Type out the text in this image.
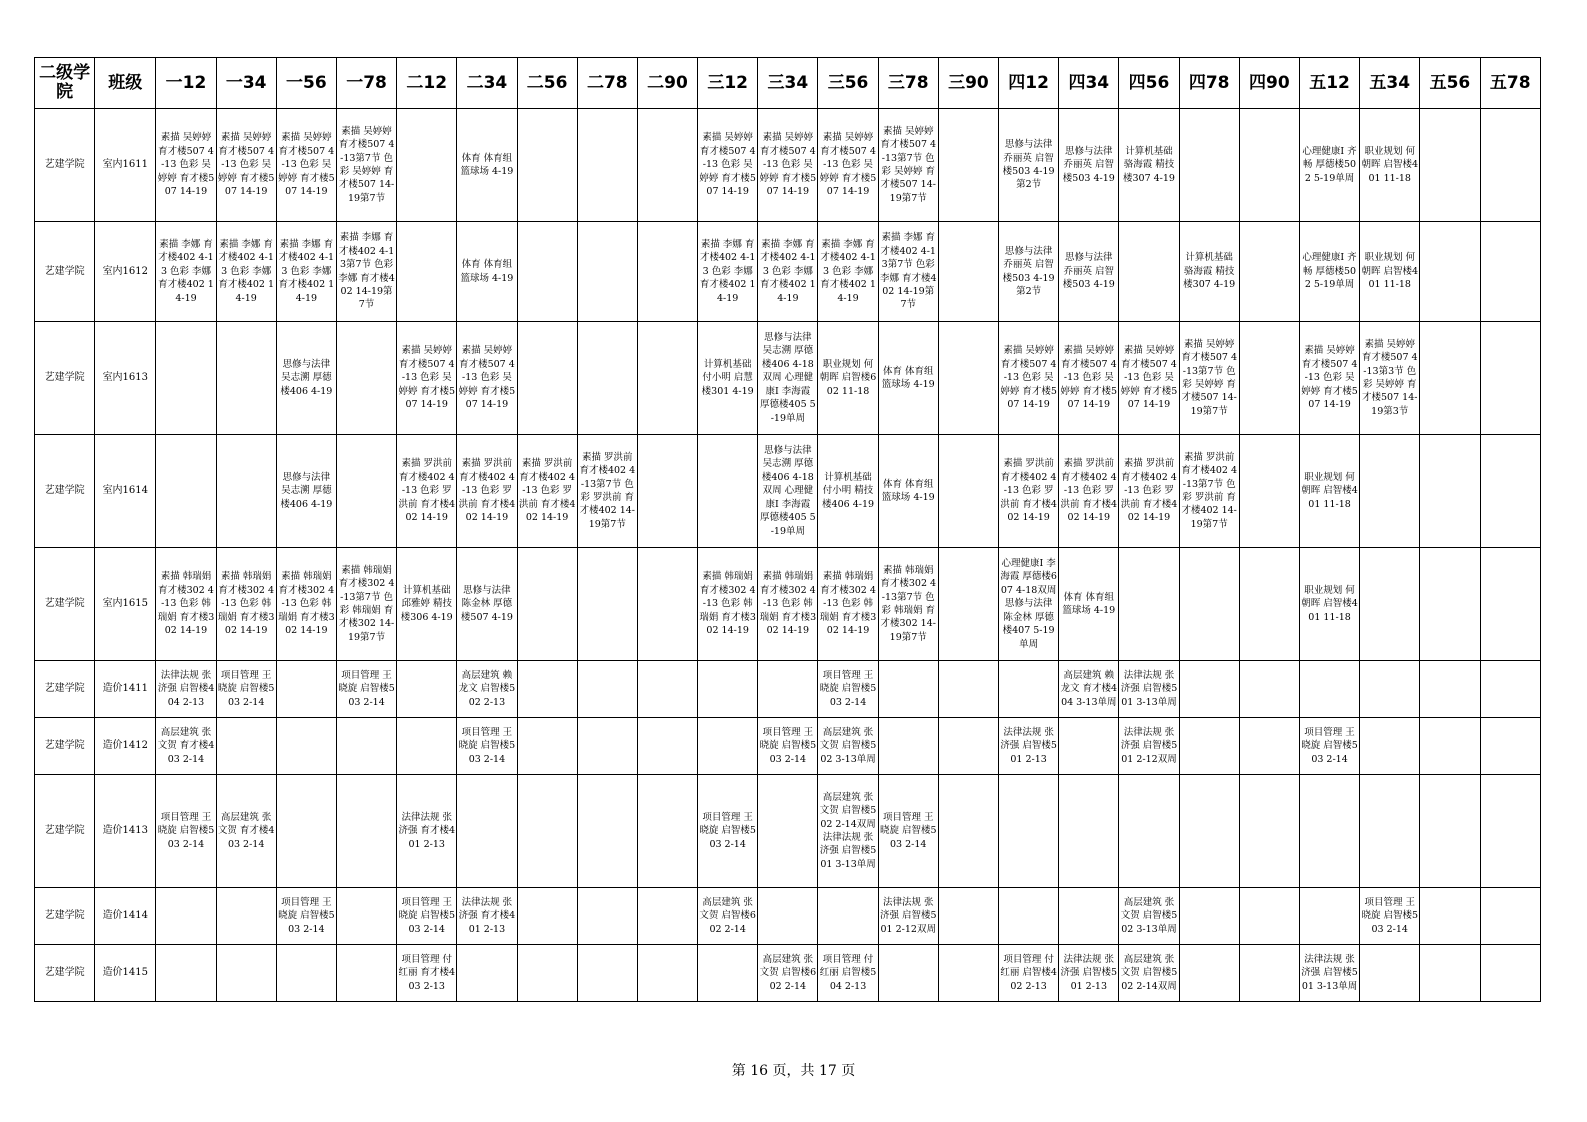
二级学院	班级	一12	一34	一56	一78	二12	二34	二56	二78	二90	三12	三34	三56	三78	三90	四12	四34	四56	四78	四90	五12	五34	五56	五78
艺建学院	室内1611	素描 吴婷婷 育才楼507 4-13 色彩 吴婷婷 育才楼507 14-19	素描 吴婷婷 育才楼507 4-13 色彩 吴婷婷 育才楼507 14-19	素描 吴婷婷 育才楼507 4-13 色彩 吴婷婷 育才楼507 14-19	素描 吴婷婷 育才楼507 4-13第7节 色彩 吴婷婷 育才楼507 14-19第7节		体育 体育组 篮球场 4-19				素描 吴婷婷 育才楼507 4-13 色彩 吴婷婷 育才楼507 14-19	素描 吴婷婷 育才楼507 4-13 色彩 吴婷婷 育才楼507 14-19	素描 吴婷婷 育才楼507 4-13 色彩 吴婷婷 育才楼507 14-19	素描 吴婷婷 育才楼507 4-13第7节 色彩 吴婷婷 育才楼507 14-19第7节		思修与法律 乔丽英 启智楼503 4-19第2节	思修与法律 乔丽英 启智楼503 4-19	计算机基础 骆海霞 精技楼307 4-19			心理健康Ⅰ 齐畅 厚德楼502 5-19单周	职业规划 何朝晖 启智楼401 11-18		
艺建学院	室内1612	素描 李娜 育才楼402 4-13 色彩 李娜 育才楼402 14-19	素描 李娜 育才楼402 4-13 色彩 李娜 育才楼402 14-19	素描 李娜 育才楼402 4-13 色彩 李娜 育才楼402 14-19	素描 李娜 育才楼402 4-13第7节 色彩 李娜 育才楼402 14-19第7节		体育 体育组 篮球场 4-19				素描 李娜 育才楼402 4-13 色彩 李娜 育才楼402 14-19	素描 李娜 育才楼402 4-13 色彩 李娜 育才楼402 14-19	素描 李娜 育才楼402 4-13 色彩 李娜 育才楼402 14-19	素描 李娜 育才楼402 4-13第7节 色彩 李娜 育才楼402 14-19第7节		思修与法律 乔丽英 启智楼503 4-19第2节	思修与法律 乔丽英 启智楼503 4-19		计算机基础 骆海霞 精技楼307 4-19		心理健康Ⅰ 齐畅 厚德楼502 5-19单周	职业规划 何朝晖 启智楼401 11-18		
艺建学院	室内1613			思修与法律 吴志溯 厚德楼406 4-19		素描 吴婷婷 育才楼507 4-13 色彩 吴婷婷 育才楼507 14-19	素描 吴婷婷 育才楼507 4-13 色彩 吴婷婷 育才楼507 14-19				计算机基础 付小明 启慧楼301 4-19	思修与法律 吴志溯 厚德楼406 4-18双周 心理健康Ⅰ 李海霞 厚德楼405 5-19单周	职业规划 何朝晖 启智楼602 11-18	体育 体育组 篮球场 4-19		素描 吴婷婷 育才楼507 4-13 色彩 吴婷婷 育才楼507 14-19	素描 吴婷婷 育才楼507 4-13 色彩 吴婷婷 育才楼507 14-19	素描 吴婷婷 育才楼507 4-13 色彩 吴婷婷 育才楼507 14-19	素描 吴婷婷 育才楼507 4-13第7节 色彩 吴婷婷 育才楼507 14-19第7节		素描 吴婷婷 育才楼507 4-13 色彩 吴婷婷 育才楼507 14-19	素描 吴婷婷 育才楼507 4-13第3节 色彩 吴婷婷 育才楼507 14-19第3节		
艺建学院	室内1614			思修与法律 吴志溯 厚德楼406 4-19		素描 罗洪前 育才楼402 4-13 色彩 罗洪前 育才楼402 14-19	素描 罗洪前 育才楼402 4-13 色彩 罗洪前 育才楼402 14-19	素描 罗洪前 育才楼402 4-13 色彩 罗洪前 育才楼402 14-19	素描 罗洪前 育才楼402 4-13第7节 色彩 罗洪前 育才楼402 14-19第7节			思修与法律 吴志溯 厚德楼406 4-18双周 心理健康Ⅰ 李海霞 厚德楼405 5-19单周	计算机基础 付小明 精技楼406 4-19	体育 体育组 篮球场 4-19		素描 罗洪前 育才楼402 4-13 色彩 罗洪前 育才楼402 14-19	素描 罗洪前 育才楼402 4-13 色彩 罗洪前 育才楼402 14-19	素描 罗洪前 育才楼402 4-13 色彩 罗洪前 育才楼402 14-19	素描 罗洪前 育才楼402 4-13第7节 色彩 罗洪前 育才楼402 14-19第7节		职业规划 何朝晖 启智楼401 11-18			
艺建学院	室内1615	素描 韩瑞娟 育才楼302 4-13 色彩 韩瑞娟 育才楼302 14-19	素描 韩瑞娟 育才楼302 4-13 色彩 韩瑞娟 育才楼302 14-19	素描 韩瑞娟 育才楼302 4-13 色彩 韩瑞娟 育才楼302 14-19	素描 韩瑞娟 育才楼302 4-13第7节 色彩 韩瑞娟 育才楼302 14-19第7节	计算机基础 邱雅婷 精技楼306 4-19	思修与法律 陈金林 厚德楼507 4-19				素描 韩瑞娟 育才楼302 4-13 色彩 韩瑞娟 育才楼302 14-19	素描 韩瑞娟 育才楼302 4-13 色彩 韩瑞娟 育才楼302 14-19	素描 韩瑞娟 育才楼302 4-13 色彩 韩瑞娟 育才楼302 14-19	素描 韩瑞娟 育才楼302 4-13第7节 色彩 韩瑞娟 育才楼302 14-19第7节		心理健康Ⅰ 李海霞 厚德楼607 4-18双周 思修与法律 陈金林 厚德楼407 5-19单周	体育 体育组 篮球场 4-19				职业规划 何朝晖 启智楼401 11-18			
艺建学院	造价1411	法律法规 张济强 启智楼404 2-13	项目管理 王晓旋 启智楼503 2-14		项目管理 王晓旋 启智楼503 2-14		高层建筑 赖龙文 启智楼502 2-13						项目管理 王晓旋 启智楼503 2-14				高层建筑 赖龙文 育才楼404 3-13单周	法律法规 张济强 启智楼501 3-13单周						
艺建学院	造价1412	高层建筑 张文贺 育才楼403 2-14					项目管理 王晓旋 启智楼503 2-14					项目管理 王晓旋 启智楼503 2-14	高层建筑 张文贺 启智楼502 3-13单周			法律法规 张济强 启智楼501 2-13		法律法规 张济强 启智楼501 2-12双周			项目管理 王晓旋 启智楼503 2-14			
艺建学院	造价1413	项目管理 王晓旋 启智楼503 2-14	高层建筑 张文贺 育才楼403 2-14			法律法规 张济强 育才楼401 2-13					项目管理 王晓旋 启智楼503 2-14		高层建筑 张文贺 启智楼502 2-14双周 法律法规 张济强 启智楼501 3-13单周	项目管理 王晓旋 启智楼503 2-14										
艺建学院	造价1414			项目管理 王晓旋 启智楼503 2-14		项目管理 王晓旋 启智楼503 2-14	法律法规 张济强 育才楼401 2-13				高层建筑 张文贺 启智楼602 2-14			法律法规 张济强 启智楼501 2-12双周				高层建筑 张文贺 启智楼502 3-13单周				项目管理 王晓旋 启智楼503 2-14		
艺建学院	造价1415					项目管理 付红丽 育才楼403 2-13						高层建筑 张文贺 启智楼602 2-14	项目管理 付红丽 启智楼504 2-13			项目管理 付红丽 启智楼402 2-13	法律法规 张济强 启智楼501 2-13	高层建筑 张文贺 启智楼502 2-14双周			法律法规 张济强 启智楼501 3-13单周			
第 16 页，共 17 页
